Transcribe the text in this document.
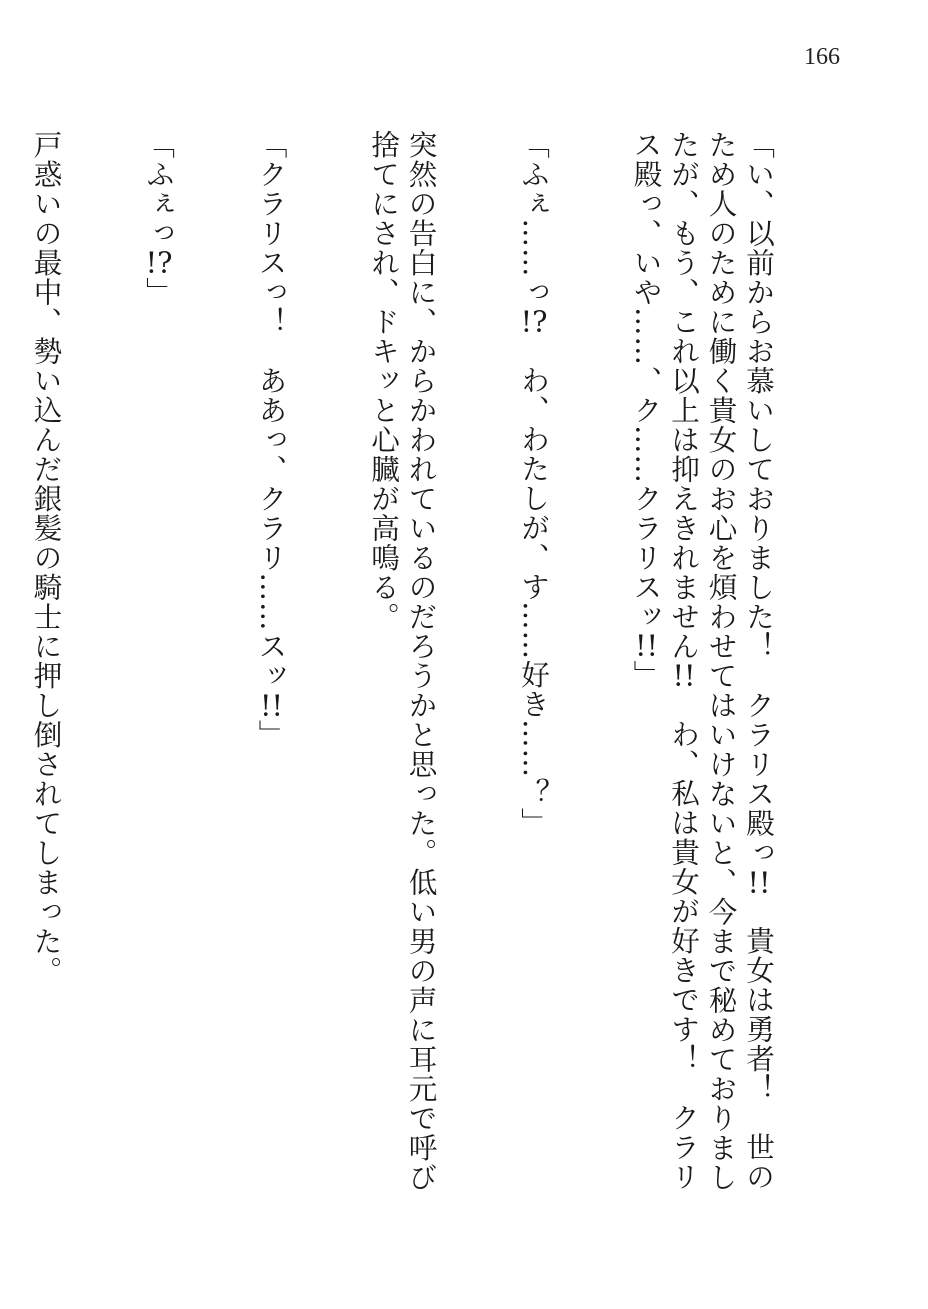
166

「い、以前からお慕いしておりました！　クラリス殿っ!!　貴女は勇者！　世のため人のために働く貴女のお心を煩わせてはいけないと、今まで秘めておりましたが、もう、これ以上は抑えきれません!!　わ、私は貴女が好きです！　クラリス殿っ、いや……、ク……クラリスッ!!」

「ふぇ……っ!?　わ、わたしが、す……好き……？」

突然の告白に、からかわれているのだろうかと思った。低い男の声に耳元で呼び捨てにされ、ドキッと心臓が高鳴る。

「クラリスっ！　ああっ、クラリ……スッ!!」

「ふぇっ!?」

戸惑いの最中、勢い込んだ銀髪の騎士に押し倒されてしまった。
